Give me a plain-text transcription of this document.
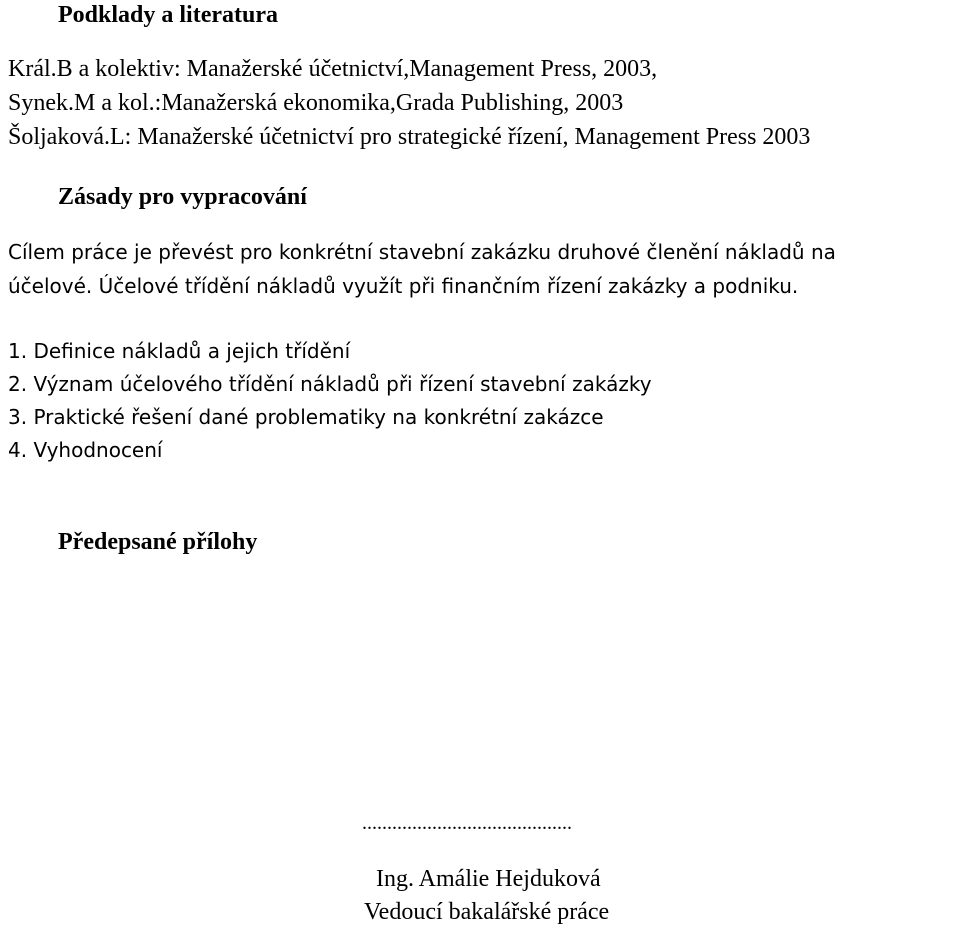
Podklady a literatura
Král.B a kolektiv: Manažerské účetnictví,Management Press, 2003,
Synek.M a kol.:Manažerská ekonomika,Grada Publishing, 2003
Šoljaková.L: Manažerské účetnictví pro strategické řízení, Management Press 2003
Zásady pro vypracování
Cílem práce je převést pro konkrétní stavební zakázku druhové členění nákladů na
účelové. Účelové třídění nákladů využít při finančním řízení zakázky a podniku.
1. Definice nákladů a jejich třídění
2. Význam účelového třídění nákladů při řízení stavební zakázky
3. Praktické řešení dané problematiky na konkrétní zakázce
4. Vyhodnocení
Předepsané přílohy
..........................................
Ing. Amálie Hejduková
Vedoucí bakalářské práce
